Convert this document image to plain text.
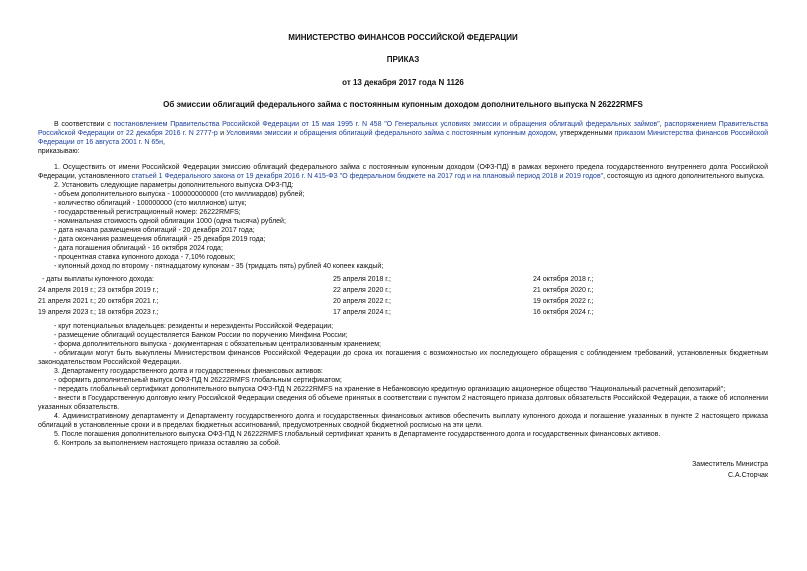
МИНИСТЕРСТВО ФИНАНСОВ РОССИЙСКОЙ ФЕДЕРАЦИИ
ПРИКАЗ
от 13 декабря 2017 года N 1126
Об эмиссии облигаций федерального займа с постоянным купонным доходом дополнительного выпуска N 26222RMFS

В соответствии с постановлением Правительства Российской Федерации от 15 мая 1995 г. N 458 "О Генеральных условиях эмиссии и обращения облигаций федеральных займов", распоряжением Правительства Российской Федерации от 22 декабря 2016 г. N 2777-р и Условиями эмиссии и обращения облигаций федерального займа с постоянным купонным доходом, утвержденными приказом Министерства финансов Российской Федерации от 16 августа 2001 г. N 65н,

приказываю:

1. Осуществить от имени Российской Федерации эмиссию облигаций федерального займа с постоянным купонным доходом (ОФЗ-ПД) в рамках верхнего предела государственного внутреннего долга Российской Федерации, установленного статьей 1 Федерального закона от 19 декабря 2016 г. N 415-ФЗ "О федеральном бюджете на 2017 год и на плановый период 2018 и 2019 годов", состоящую из одного дополнительного выпуска.

2. Установить следующие параметры дополнительного выпуска ОФЗ-ПД:

- объем дополнительного выпуска - 100000000000 (сто миллиардов) рублей;

- количество облигаций - 100000000 (сто миллионов) штук;

- государственный регистрационный номер: 26222RMFS;

- номинальная стоимость одной облигации 1000 (одна тысяча) рублей;

- дата начала размещения облигаций - 20 декабря 2017 года;

- дата окончания размещения облигаций - 25 декабря 2019 года;

- дата погашения облигаций - 16 октября 2024 года;

- процентная ставка купонного дохода - 7,10% годовых;

- купонный доход по второму - пятнадцатому купонам - 35 (тридцать пять) рублей 40 копеек каждый;

- даты выплаты купонного дохода:	25 апреля 2018 г.;	24 октября 2018 г.;
24 апреля 2019 г.; 23 октября 2019 г.;	22 апреля 2020 г.;	21 октября 2020 г.;
21 апреля 2021 г.; 20 октября 2021 г.;	20 апреля 2022 г.;	19 октября 2022 г.;
19 апреля 2023 г.; 18 октября 2023 г.;	17 апреля 2024 г.;	16 октября 2024 г.;

- круг потенциальных владельцев: резиденты и нерезиденты Российской Федерации;

- размещение облигаций осуществляется Банком России по поручению Минфина России;

- форма дополнительного выпуска - документарная с обязательным централизованным хранением;

- облигации могут быть выкуплены Министерством финансов Российской Федерации до срока их погашения с возможностью их последующего обращения с соблюдением требований, установленных бюджетным законодательством Российской Федерации.

3. Департаменту государственного долга и государственных финансовых активов:

- оформить дополнительный выпуск ОФЗ-ПД N 26222RMFS глобальным сертификатом;

- передать глобальный сертификат дополнительного выпуска ОФЗ-ПД N 26222RMFS на хранение в Небанковскую кредитную организацию акционерное общество "Национальный расчетный депозитарий";

- внести в Государственную долговую книгу Российской Федерации сведения об объеме принятых в соответствии с пунктом 2 настоящего приказа долговых обязательств Российской Федерации, а также об исполнении указанных обязательств.

4. Административному департаменту и Департаменту государственного долга и государственных финансовых активов обеспечить выплату купонного дохода и погашение указанных в пункте 2 настоящего приказа облигаций в установленные сроки и в пределах бюджетных ассигнований, предусмотренных сводной бюджетной росписью на эти цели.

5. После погашения дополнительного выпуска ОФЗ-ПД N 26222RMFS глобальный сертификат хранить в Департаменте государственного долга и государственных финансовых активов.

6. Контроль за выполнением настоящего приказа оставляю за собой.

Заместитель Министра
С.А.Сторчак
